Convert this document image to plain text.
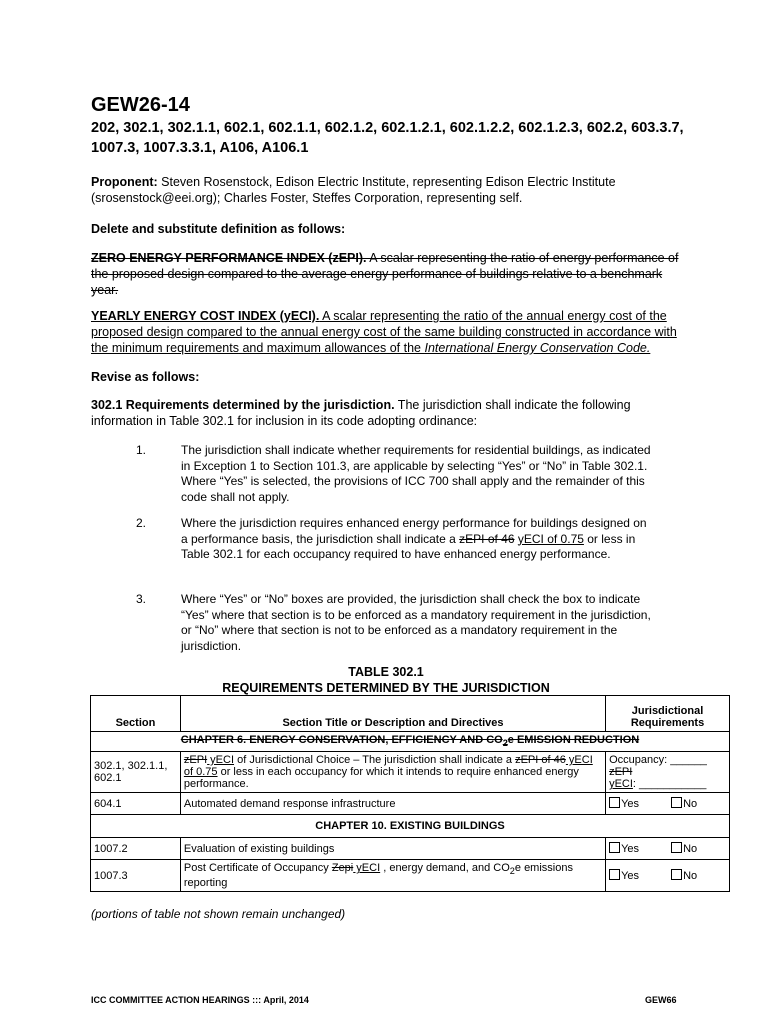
GEW26-14

202, 302.1, 302.1.1, 602.1, 602.1.1, 602.1.2, 602.1.2.1, 602.1.2.2, 602.1.2.3, 602.2, 603.3.7, 1007.3, 1007.3.3.1, A106, A106.1

Proponent: Steven Rosenstock, Edison Electric Institute, representing Edison Electric Institute (srosenstock@eei.org); Charles Foster, Steffes Corporation, representing self.

Delete and substitute definition as follows:

ZERO ENERGY PERFORMANCE INDEX (zEPI). A scalar representing the ratio of energy performance of the proposed design compared to the average energy performance of buildings relative to a benchmark year.

YEARLY ENERGY COST INDEX (yECI). A scalar representing the ratio of the annual energy cost of the proposed design compared to the annual energy cost of the same building constructed in accordance with the minimum requirements and maximum allowances of the International Energy Conservation Code.

Revise as follows:

302.1 Requirements determined by the jurisdiction. The jurisdiction shall indicate the following information in Table 302.1 for inclusion in its code adopting ordinance:

1.	The jurisdiction shall indicate whether requirements for residential buildings, as indicated in Exception 1 to Section 101.3, are applicable by selecting “Yes” or “No” in Table 302.1. Where “Yes” is selected, the provisions of ICC 700 shall apply and the remainder of this code shall not apply.
2.	Where the jurisdiction requires enhanced energy performance for buildings designed on a performance basis, the jurisdiction shall indicate a zEPI of 46 yECI of 0.75 or less in Table 302.1 for each occupancy required to have enhanced energy performance.
3.	Where “Yes” or “No” boxes are provided, the jurisdiction shall check the box to indicate “Yes” where that section is to be enforced as a mandatory requirement in the jurisdiction, or “No” where that section is not to be enforced as a mandatory requirement in the jurisdiction.
TABLE 302.1
REQUIREMENTS DETERMINED BY THE JURISDICTION
Section	Section Title or Description and Directives	Jurisdictional Requirements
CHAPTER 6. ENERGY CONSERVATION, EFFICIENCY AND $CO_2e$ EMISSION REDUCTION		
302.1, 302.1.1, 602.1	zEPI yECI of Jurisdictional Choice – The jurisdiction shall indicate a zEPI of 46 yECI of 0.75 or less in each occupancy for which it intends to require enhanced energy performance.	Occupancy: ______
zEPI
yECI: ___________
604.1	Automated demand response infrastructure	Yes No
CHAPTER 10. EXISTING BUILDINGS		
1007.2	Evaluation of existing buildings	Yes No
1007.3	Post Certificate of Occupancy Zepi yECI , energy demand, and $CO_2e$ emissions reporting	Yes No
(portions of table not shown remain unchanged)
ICC COMMITTEE ACTION HEARINGS ::: April, 2014	GEW66
